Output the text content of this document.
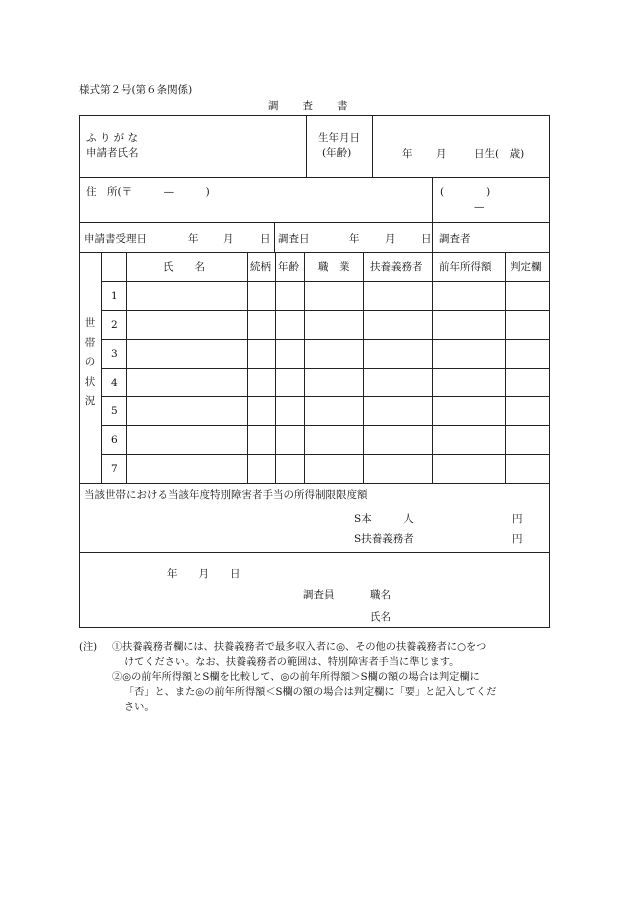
様式第２号(第６条関係)
調　　査　　書
ふ り が な
申請者氏名
生年月日
(年齢)	年 月	日生(　歳)
住　所(〒　　　—　　　)	(　　　　)
—
申請書受理日	年 月	日 調査日	年 月 日 調査者
世
帯
の
状
況
氏　　名	続柄 年齢 職　業 扶養義務者 前年所得額 判定欄
1
2
3
4
5
6
7
当該世帯における当該年度特別障害者手当の所得制限限度額
S本　　　人	円
S扶養義務者	円
年　　月　　日
調査員	職名
氏名
(注) ①扶養義務者欄には、扶養義務者で最多収入者に◎、その他の扶養義務者に○をつ
けてください。なお、扶養義務者の範囲は、特別障害者手当に準じます。
②◎の前年所得額とS欄を比較して、◎の前年所得額＞S欄の額の場合は判定欄に
「否」と、また◎の前年所得額＜S欄の額の場合は判定欄に「要」と記入してくだ
さい。
